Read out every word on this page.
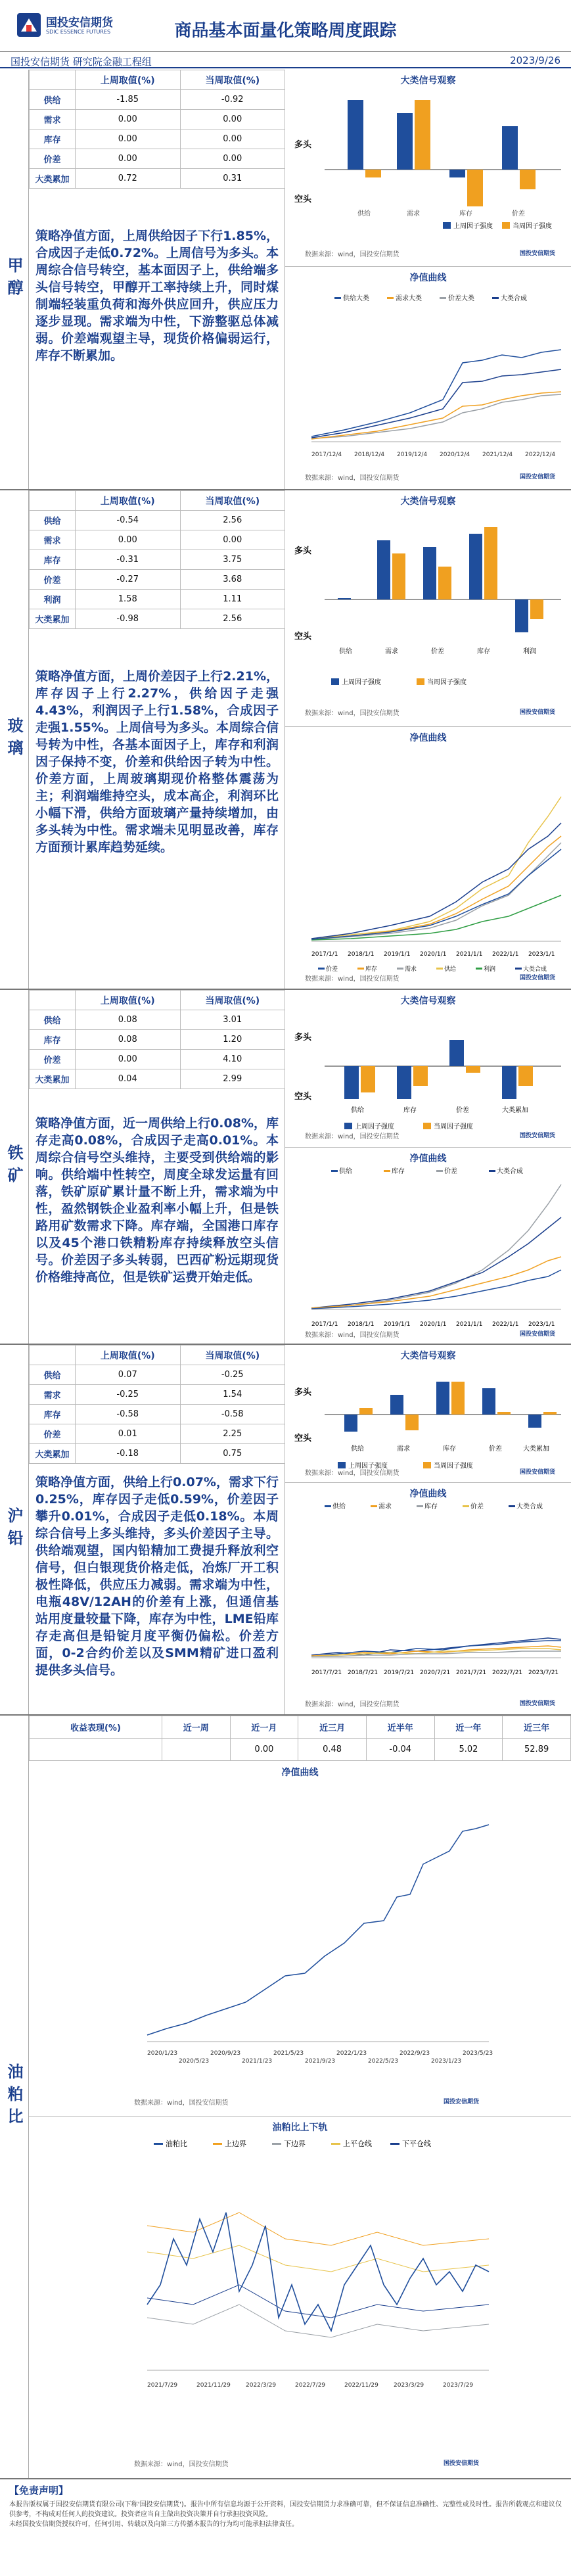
国投安信期货
SDIC ESSENCE FUTURES	商品基本面量化策略周度跟踪
国投安信期货 研究院金融工程组	2023/9/26
甲醇
	上周取值(%)	当周取值(%)
供给	-1.85	-0.92
需求	0.00	0.00
库存	0.00	0.00
价差	0.00	0.00
大类累加	0.72	0.31
策略净值方面，上周供给因子下行1.85%，合成因子走低0.72%。上周信号为多头。本周综合信号转空，基本面因子上，供给端多头信号转空，甲醇开工率持续上升，同时煤制端轻装重负荷和海外供应回升，供应压力逐步显现。需求端为中性，下游整驱总体减弱。价差端观望主导，现货价格偏弱运行，库存不断累加。
大类信号观察
多头
空头
供给	需求	库存	价差
上周因子强度	当周因子强度
数据来源：wind，国投安信期货	国投安信期货
净值曲线
供给大类	需求大类	价差大类	大类合成
2017/12/4 2018/12/4 2019/12/4 2020/12/4 2021/12/4 2022/12/4
数据来源：wind，国投安信期货	国投安信期货
玻璃
	上周取值(%)	当周取值(%)
供给	-0.54	2.56
需求	0.00	0.00
库存	-0.31	3.75
价差	-0.27	3.68
利润	1.58	1.11
大类累加	-0.98	2.56
策略净值方面，上周价差因子上行2.21%，库存因子上行2.27%，供给因子走强4.43%，利润因子上行1.58%，合成因子走强1.55%。上周信号为多头。本周综合信号转为中性，各基本面因子上，库存和利润因子保持不变，价差和供给因子转为中性。价差方面，上周玻璃期现价格整体震荡为主；利润端维持空头，成本高企，利润环比小幅下滑，供给方面玻璃产量持续增加，由多头转为中性。需求端未见明显改善，库存方面预计累库趋势延续。
大类信号观察
多头
空头
供给	需求	价差	库存	利润
上周因子强度	当周因子强度
数据来源：wind，国投安信期货	国投安信期货
净值曲线
2017/1/1 2018/1/1 2019/1/1 2020/1/1 2021/1/1 2022/1/1 2023/1/1
价差	库存	需求	供给	利润	大类合成
数据来源：wind，国投安信期货	国投安信期货
铁矿
	上周取值(%)	当周取值(%)
供给	0.08	3.01
库存	0.08	1.20
价差	0.00	4.10
大类累加	0.04	2.99
策略净值方面，近一周供给上行0.08%，库存走高0.08%，合成因子走高0.01%。本周综合信号空头维持，主要受到供给端的影响。供给端中性转空，周度全球发运量有回落，铁矿原矿累计量不断上升，需求端为中性，盈然钢铁企业盈利率小幅上升，但是铁路用矿数需求下降。库存端，全国港口库存以及45个港口铁精粉库存持续释放空头信号。价差因子多头转弱，巴西矿粉远期现货价格维持高位，但是铁矿运费开始走低。
大类信号观察
多头
空头
供给	库存	价差	大类累加
上周因子强度	当周因子强度
数据来源：wind，国投安信期货	国投安信期货
净值曲线
供给	库存	价差	大类合成
2017/1/1 2018/1/1 2019/1/1 2020/1/1 2021/1/1 2022/1/1 2023/1/1
数据来源：wind，国投安信期货	国投安信期货
沪铅
	上周取值(%)	当周取值(%)
供给	0.07	-0.25
需求	-0.25	1.54
库存	-0.58	-0.58
价差	0.01	2.25
大类累加	-0.18	0.75
策略净值方面，供给上行0.07%，需求下行0.25%，库存因子走低0.59%，价差因子攀升0.01%，合成因子走低0.18%。本周综合信号上多头维持，多头价差因子主导。供给端观望，国内铅精加工费提升释放利空信号，但白银现货价格走低，冶炼厂开工积极性降低，供应压力减弱。需求端为中性，电瓶48V/12AH的价差有上涨，但通信基站用度量较量下降，库存为中性，LME铅库存走高但是铅锭月度平衡仍偏松。价差方面，0-2合约价差以及SMM精矿进口盈利提供多头信号。
大类信号观察
多头
空头
供给	需求	库存	价差	大类累加
上周因子强度	当周因子强度
数据来源：wind，国投安信期货	国投安信期货
净值曲线
供给	需求	库存	价差	大类合成
2017/7/21 2018/7/21 2019/7/21 2020/7/21 2021/7/21 2022/7/21 2023/7/21
数据来源：wind，国投安信期货	国投安信期货
油粕比
收益表现(%)	近一周	近一月	近三月	近半年	近一年	近三年
		0.00	0.48	-0.04	5.02	52.89
净值曲线
2020/1/23
2020/5/23
2020/9/23
2021/1/23
2021/5/23
2021/9/23
2022/1/23
2022/5/23
2022/9/23
2023/1/23
2023/5/23
数据来源：wind，国投安信期货	国投安信期货
油粕比上下轨
油粕比	上边界	下边界	上平仓线	下平仓线
2021/7/29	2021/11/29	2022/3/29	2022/7/29	2022/11/29	2023/3/29	2023/7/29
数据来源：wind，国投安信期货	国投安信期货
【免责声明】
本报告版权属于国投安信期货有限公司(下称'国投安信期货')。报告中所有信息均源于公开资料，国投安信期货力求准确可靠，但不保证信息准确性、完整性或及时性。报告所载观点和建议仅供参考，不构成对任何人的投资建议。投资者应当自主做出投资决策并自行承担投资风险。
未经国投安信期货授权许可，任何引用、转载以及向第三方传播本报告的行为均可能承担法律责任。
